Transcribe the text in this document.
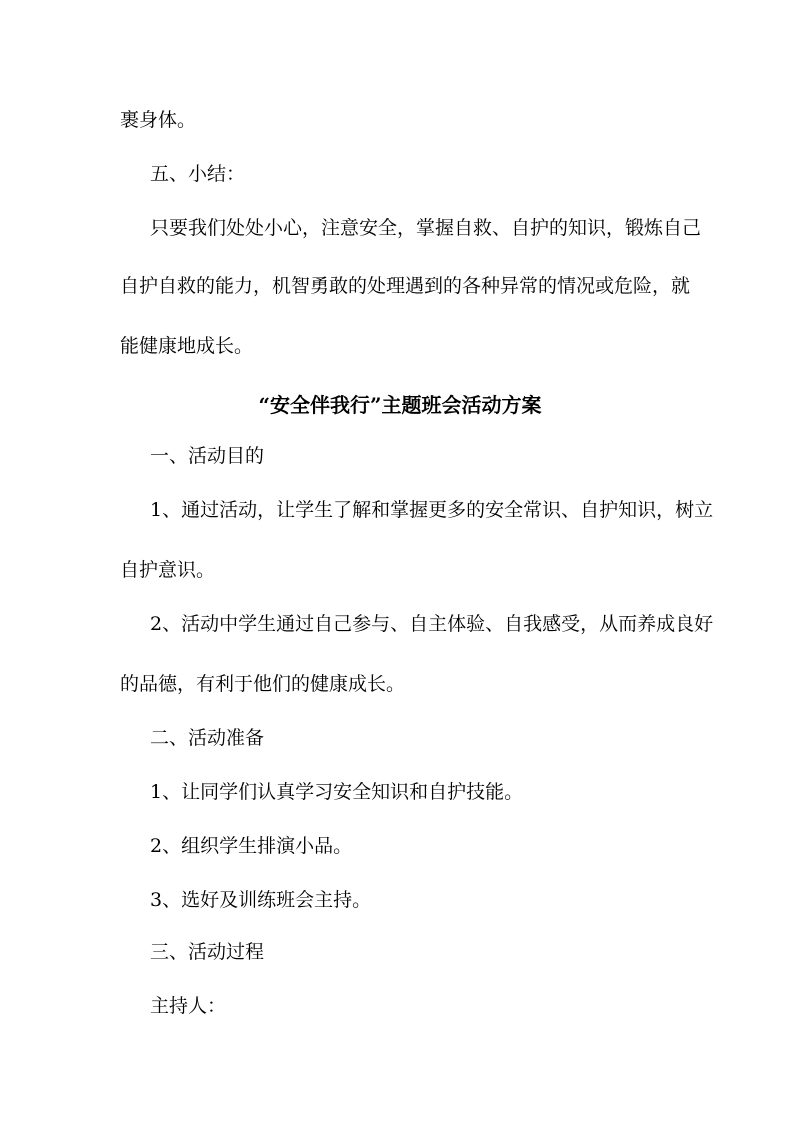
裹身体。
五、小结：
只要我们处处小心，注意安全，掌握自救、自护的知识，锻炼自己
自护自救的能力，机智勇敢的处理遇到的各种异常的情况或危险，就
能健康地成长。
“安全伴我行”主题班会活动方案
一、活动目的
1、通过活动，让学生了解和掌握更多的安全常识、自护知识，树立
自护意识。
2、活动中学生通过自己参与、自主体验、自我感受，从而养成良好
的品德，有利于他们的健康成长。
二、活动准备
1、让同学们认真学习安全知识和自护技能。
2、组织学生排演小品。
3、选好及训练班会主持。
三、活动过程
主持人：
